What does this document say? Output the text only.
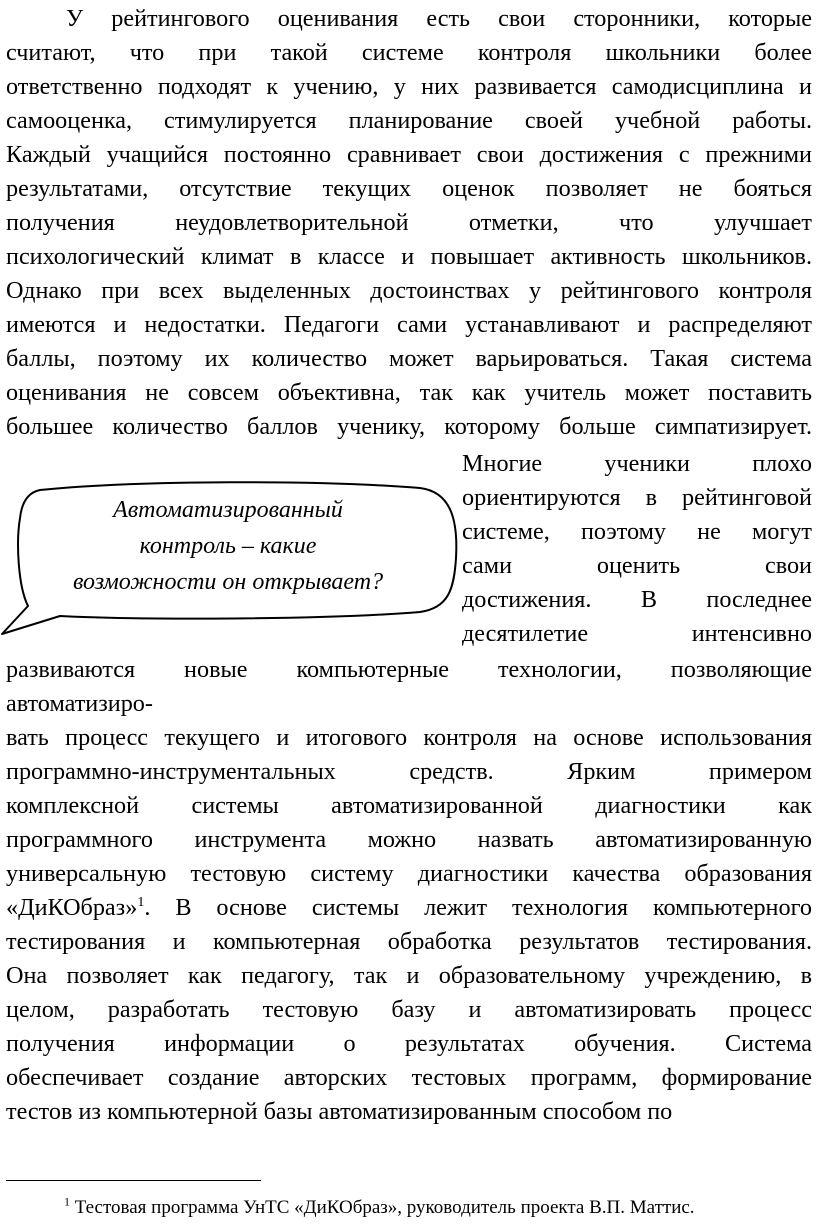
У рейтингового оценивания есть свои сторонники, которые
считают, что при такой системе контроля школьники более
ответственно подходят к учению, у них развивается самодисциплина и
самооценка, стимулируется планирование своей учебной работы.
Каждый учащийся постоянно сравнивает свои достижения с прежними
результатами, отсутствие текущих оценок позволяет не бояться
получения неудовлетворительной отметки, что улучшает
психологический климат в классе и повышает активность школьников.
Однако при всех выделенных достоинствах у рейтингового контроля
имеются и недостатки. Педагоги сами устанавливают и распределяют
баллы, поэтому их количество может варьироваться. Такая система
оценивания не совсем объективна, так как учитель может поставить
большее количество баллов ученику, которому больше симпатизирует.
Многие ученики плохо
ориентируются в рейтинговой
системе, поэтому не могут
сами оценить свои
достижения. В последнее
десятилетие интенсивно
Автоматизированный
контроль – какие
возможности он открывает?
развиваются новые компьютерные технологии, позволяющие
автоматизиро-
вать процесс текущего и итогового контроля на основе использования
программно-инструментальных средств. Ярким примером
комплексной системы автоматизированной диагностики как
программного инструмента можно назвать автоматизированную
универсальную тестовую систему диагностики качества образования
«ДиКОбраз»$^1$. В основе системы лежит технология компьютерного
тестирования и компьютерная обработка результатов тестирования.
Она позволяет как педагогу, так и образовательному учреждению, в
целом, разработать тестовую базу и автоматизировать процесс
получения информации о результатах обучения. Система
обеспечивает создание авторских тестовых программ, формирование
тестов из компьютерной базы автоматизированным способом по
$^1$ Тестовая программа УнТС «ДиКОбраз», руководитель проекта В.П. Маттис.
